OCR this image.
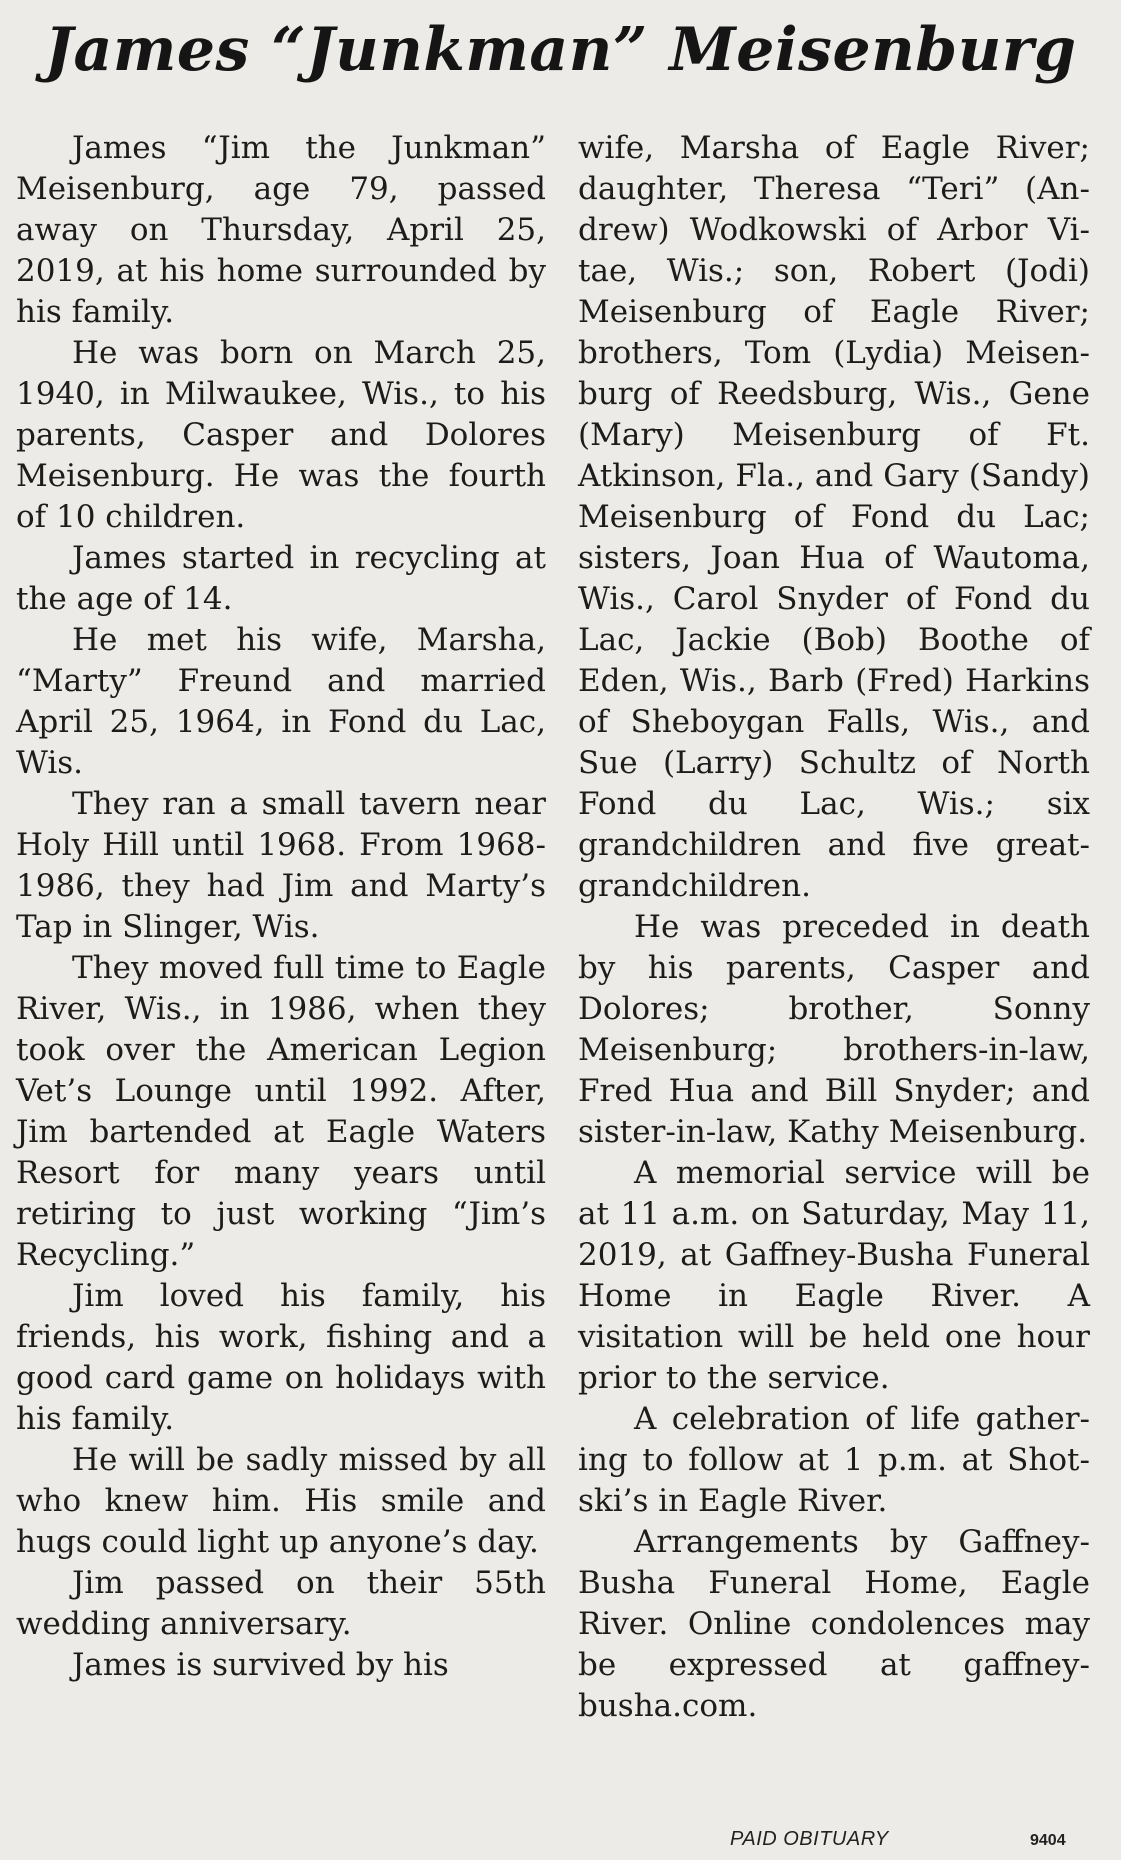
James “Junkman” Meisenburg

James “Jim the Junkman” Meisenburg, age 79, passed away on Thursday, April 25, 2019, at his home surrounded by his family.

He was born on March 25, 1940, in Milwaukee, Wis., to his parents, Casper and Dolores Meisenburg. He was the fourth of 10 children.

James started in recycling at the age of 14.

He met his wife, Marsha, “Marty” Freund and married April 25, 1964, in Fond du Lac, Wis.

They ran a small tavern near Holy Hill until 1968. From 1968-1986, they had Jim and Marty’s Tap in Slinger, Wis.

They moved full time to Eagle River, Wis., in 1986, when they took over the American Legion Vet’s Lounge until 1992. After, Jim bartended at Eagle Waters Resort for many years until retiring to just working “Jim’s Recycling.”

Jim loved his family, his friends, his work, fishing and a good card game on holidays with his family.

He will be sadly missed by all who knew him. His smile and hugs could light up anyone’s day.

Jim passed on their 55th wedding anniversary.

James is survived by his

wife, Marsha of Eagle River; daughter, Theresa “Teri” (Andrew) Wodkowski of Arbor Vitae, Wis.; son, Robert (Jodi) Meisenburg of Eagle River; brothers, Tom (Lydia) Meisenburg of Reedsburg, Wis., Gene (Mary) Meisenburg of Ft. Atkinson, Fla., and Gary (Sandy) Meisenburg of Fond du Lac; sisters, Joan Hua of Wautoma, Wis., Carol Snyder of Fond du Lac, Jackie (Bob) Boothe of Eden, Wis., Barb (Fred) Harkins of Sheboygan Falls, Wis., and Sue (Larry) Schultz of North Fond du Lac, Wis.; six grandchildren and five great-grandchildren.

He was preceded in death by his parents, Casper and Dolores; brother, Sonny Meisenburg; brothers-in-law, Fred Hua and Bill Snyder; and sister-in-law, Kathy Meisenburg.

A memorial service will be at 11 a.m. on Saturday, May 11, 2019, at Gaffney-Busha Funeral Home in Eagle River. A visitation will be held one hour prior to the service.

A celebration of life gathering to follow at 1 p.m. at Shotski’s in Eagle River.

Arrangements by Gaffney-Busha Funeral Home, Eagle River. Online condolences may be expressed at gaffney-busha.com.

PAID OBITUARY	9404
